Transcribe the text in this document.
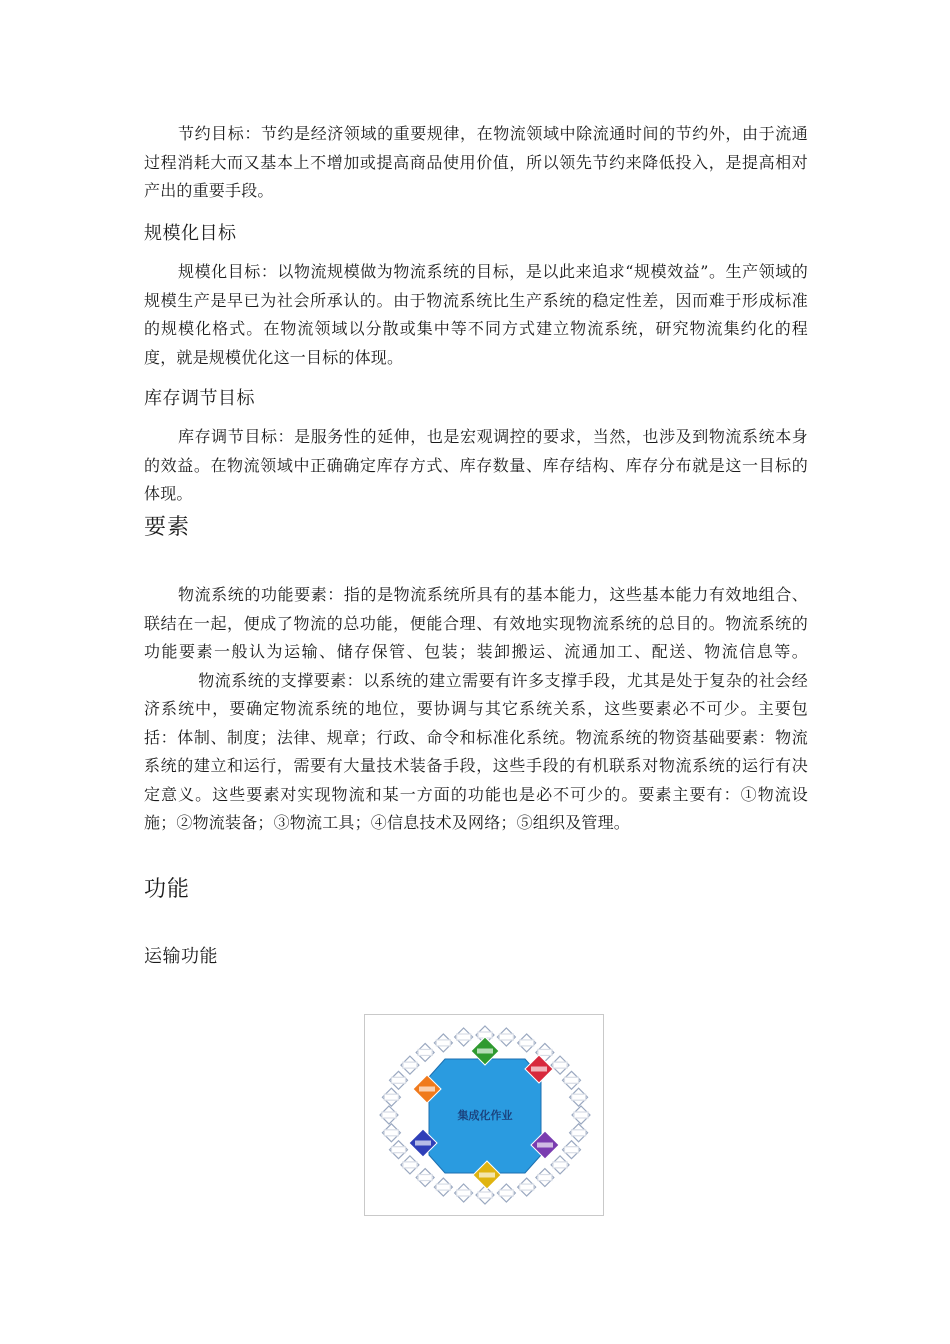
节约目标：节约是经济领域的重要规律，在物流领域中除流通时间的节约外，由于流通过程消耗大而又基本上不增加或提高商品使用价值，所以领先节约来降低投入，是提高相对产出的重要手段。

规模化目标

规模化目标：以物流规模做为物流系统的目标，是以此来追求“规模效益”。生产领域的规模生产是早已为社会所承认的。由于物流系统比生产系统的稳定性差，因而难于形成标准的规模化格式。在物流领域以分散或集中等不同方式建立物流系统，研究物流集约化的程度，就是规模优化这一目标的体现。

库存调节目标

库存调节目标：是服务性的延伸，也是宏观调控的要求，当然，也涉及到物流系统本身的效益。在物流领域中正确确定库存方式、库存数量、库存结构、库存分布就是这一目标的体现。

要素

物流系统的功能要素：指的是物流系统所具有的基本能力，这些基本能力有效地组合、联结在一起，便成了物流的总功能，便能合理、有效地实现物流系统的总目的。物流系统的功能要素一般认为运输、储存保管、包装；装卸搬运、流通加工、配送、物流信息等。物流系统的支撑要素：以系统的建立需要有许多支撑手段，尤其是处于复杂的社会经济系统中，要确定物流系统的地位，要协调与其它系统关系，这些要素必不可少。主要包括：体制、制度；法律、规章；行政、命令和标准化系统。物流系统的物资基础要素：物流系统的建立和运行，需要有大量技术装备手段，这些手段的有机联系对物流系统的运行有决定意义。这些要素对实现物流和某一方面的功能也是必不可少的。要素主要有：①物流设施；②物流装备；③物流工具；④信息技术及网络；⑤组织及管理。

功能
运输功能
集成化作业
